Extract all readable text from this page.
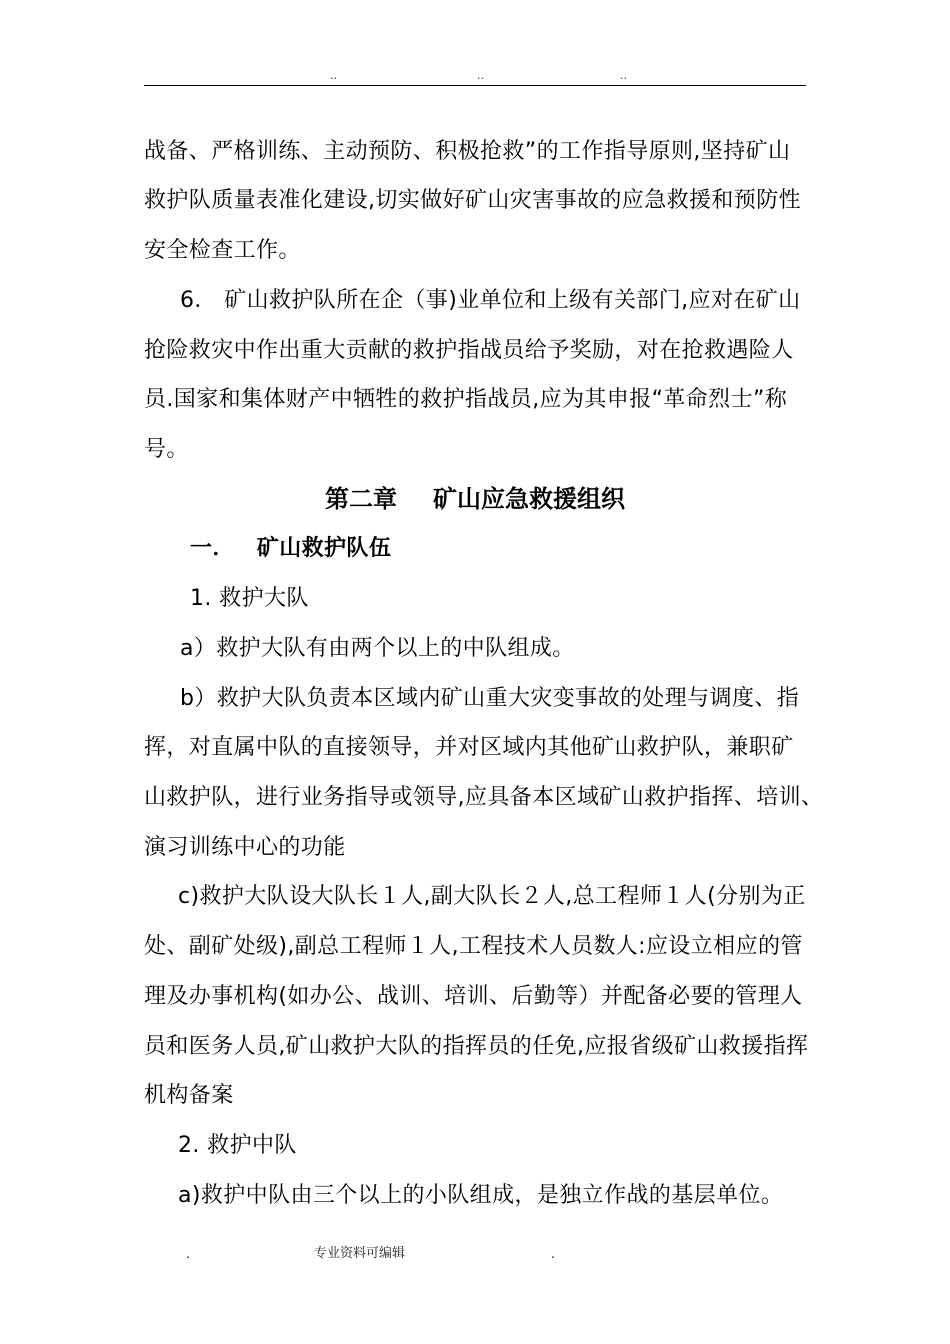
..	..	..
战备、严格训练、主动预防、积极抢救”的工作指导原则,坚持矿山
救护队质量表准化建设,切实做好矿山灾害事故的应急救援和预防性
安全检查工作。
6． 矿山救护队所在企（事)业单位和上级有关部门,应对在矿山
抢险救灾中作出重大贡献的救护指战员给予奖励，对在抢救遇险人
员.国家和集体财产中牺牲的救护指战员,应为其申报“革命烈士”称
号。
第二章 矿山应急救援组织
一． 矿山救护队伍
1. 救护大队
a）救护大队有由两个以上的中队组成。
b）救护大队负责本区域内矿山重大灾变事故的处理与调度、指
挥，对直属中队的直接领导，并对区域内其他矿山救护队，兼职矿
山救护队，进行业务指导或领导,应具备本区域矿山救护指挥、培训、
演习训练中心的功能
c)救护大队设大队长１人,副大队长２人,总工程师１人(分别为正
处、副矿处级),副总工程师１人,工程技术人员数人:应设立相应的管
理及办事机构(如办公、战训、培训、后勤等）并配备必要的管理人
员和医务人员,矿山救护大队的指挥员的任免,应报省级矿山救援指挥
机构备案
2. 救护中队
a)救护中队由三个以上的小队组成，是独立作战的基层单位。
.	专业资料可编辑	.
